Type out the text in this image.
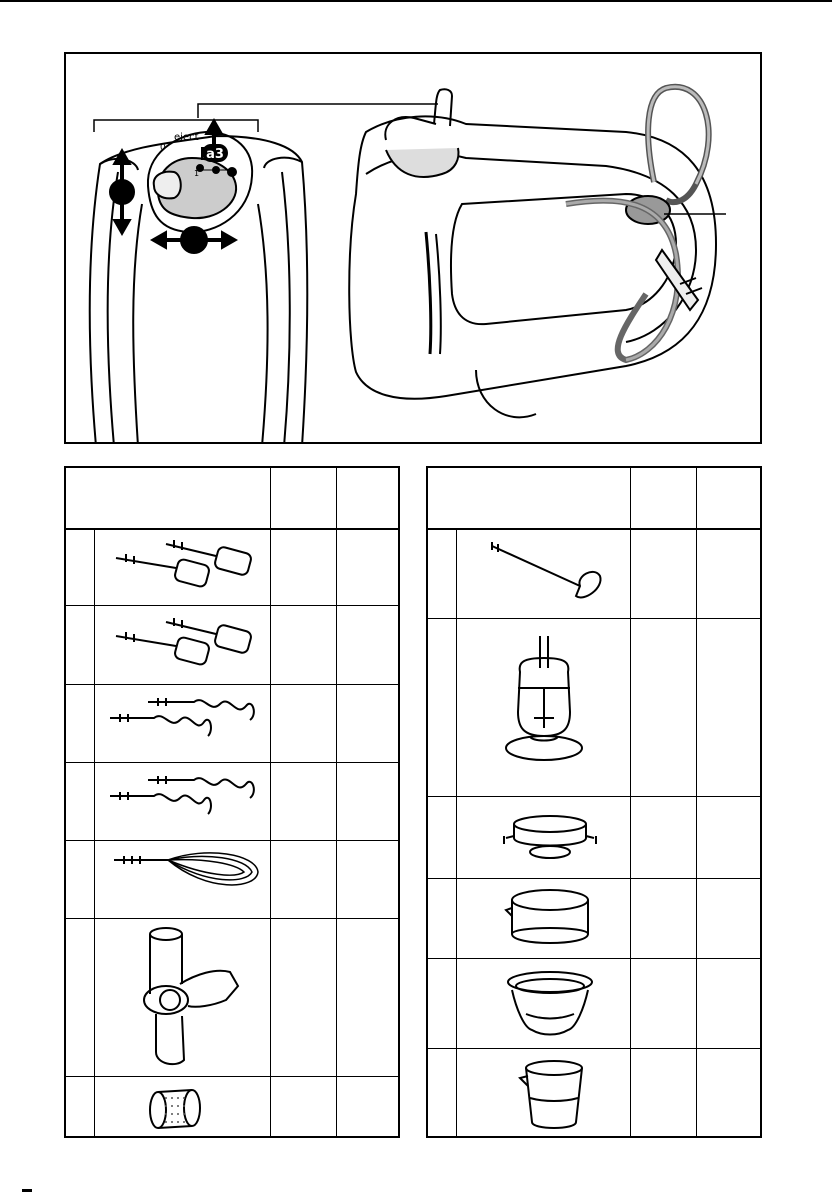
eject
0	a3
1
